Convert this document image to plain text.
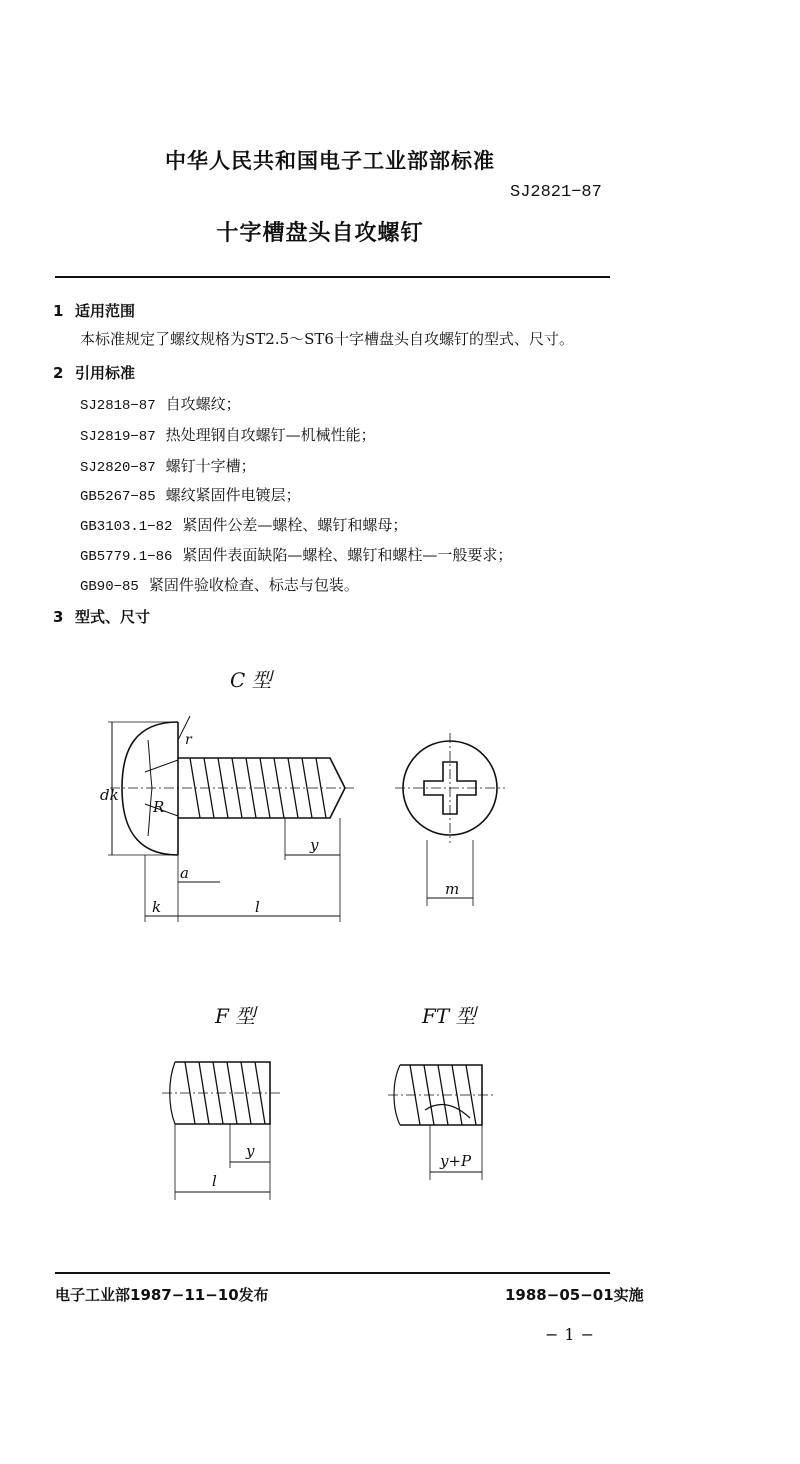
中华人民共和国电子工业部部标准
SJ2821−87
十字槽盘头自攻螺钉
1 适用范围
本标准规定了螺纹规格为ST2.5～ST6十字槽盘头自攻螺钉的型式、尺寸。
2 引用标准
SJ2818−87 自攻螺纹；
SJ2819−87 热处理钢自攻螺钉—机械性能；
SJ2820−87 螺钉十字槽；
GB5267−85 螺纹紧固件电镀层；
GB3103.1−82 紧固件公差—螺栓、螺钉和螺母；
GB5779.1−86 紧固件表面缺陷—螺栓、螺钉和螺柱—一般要求；
GB90−85 紧固件验收检查、标志与包装。
3 型式、尺寸
C 型
F 型	FT 型
dk
r
R
a
k	l
y
m
y
l
y+P
电子工业部1987−11−10发布	1988−05−01实施
−1−
